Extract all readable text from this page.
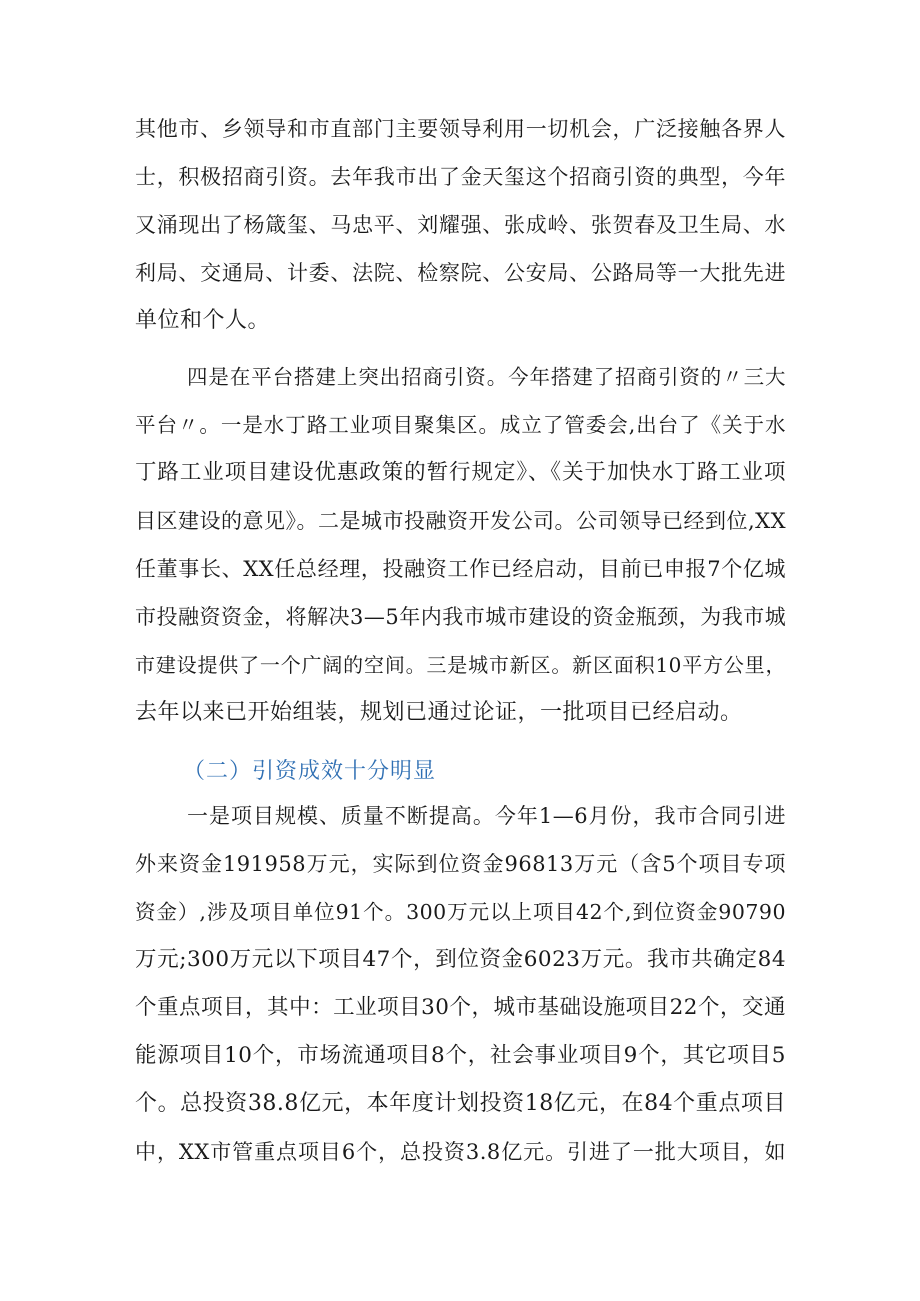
其他市、乡领导和市直部门主要领导利用一切机会，广泛接触各界人
士，积极招商引资。去年我市出了金天玺这个招商引资的典型，今年
又涌现出了杨箴玺、马忠平、刘耀强、张成岭、张贺春及卫生局、水
利局、交通局、计委、法院、检察院、公安局、公路局等一大批先进
单位和个人。
四是在平台搭建上突出招商引资。今年搭建了招商引资的〃三大
平台〃。一是水丁路工业项目聚集区。成立了管委会,出台了《关于水
丁路工业项目建设优惠政策的暂行规定》、《关于加快水丁路工业项
目区建设的意见》。二是城市投融资开发公司。公司领导已经到位,XX
任董事长、XX任总经理，投融资工作已经启动，目前已申报7个亿城
市投融资资金，将解决3—5年内我市城市建设的资金瓶颈，为我市城
市建设提供了一个广阔的空间。三是城市新区。新区面积10平方公里，
去年以来已开始组装，规划已通过论证，一批项目已经启动。
（二）引资成效十分明显
一是项目规模、质量不断提高。今年1—6月份，我市合同引进
外来资金191958万元，实际到位资金96813万元（含5个项目专项
资金）,涉及项目单位91个。300万元以上项目42个,到位资金90790
万元;300万元以下项目47个，到位资金6023万元。我市共确定84
个重点项目，其中：工业项目30个，城市基础设施项目22个，交通
能源项目10个，市场流通项目8个，社会事业项目9个，其它项目5
个。总投资38.8亿元，本年度计划投资18亿元，在84个重点项目
中，XX市管重点项目6个，总投资3.8亿元。引进了一批大项目，如
